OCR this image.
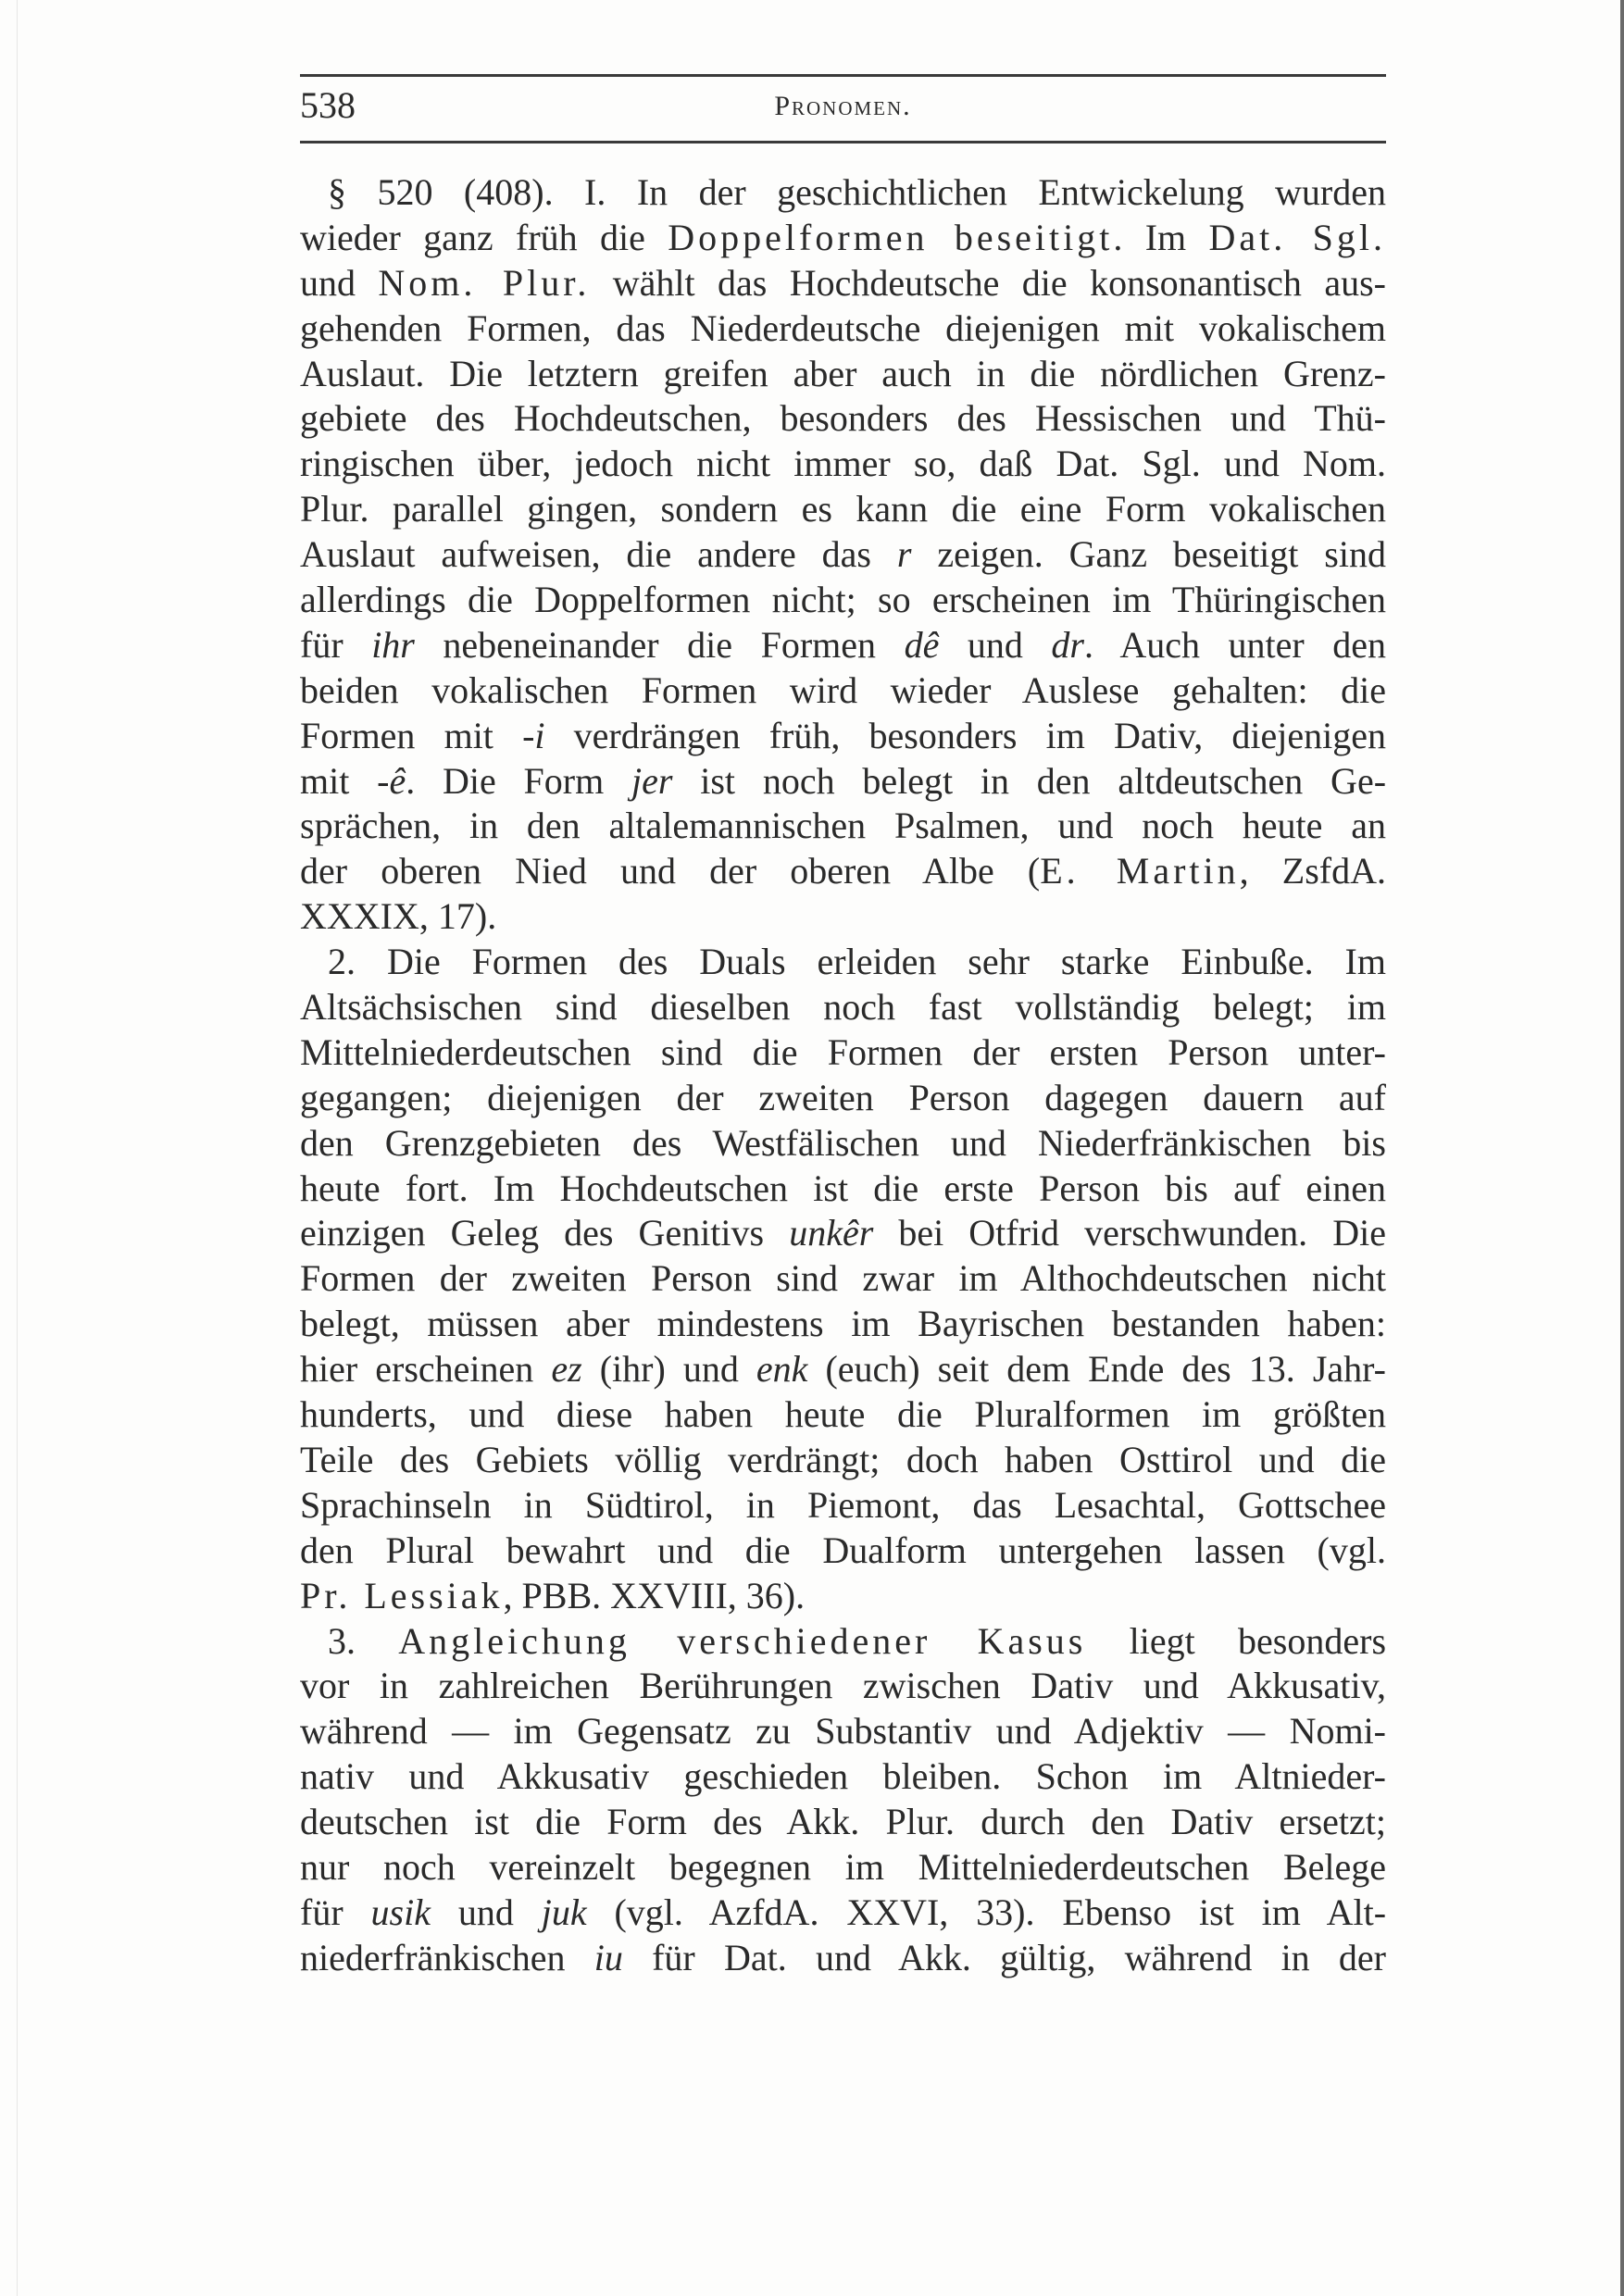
538	Pronomen.
§ 520 (408). I. In der geschichtlichen Entwickelung wurden
wieder ganz früh die Doppelformen beseitigt. Im Dat. Sgl.
und Nom. Plur. wählt das Hochdeutsche die konsonantisch aus-
gehenden Formen, das Niederdeutsche diejenigen mit vokalischem
Auslaut. Die letztern greifen aber auch in die nördlichen Grenz-
gebiete des Hochdeutschen, besonders des Hessischen und Thü-
ringischen über, jedoch nicht immer so, daß Dat. Sgl. und Nom.
Plur. parallel gingen, sondern es kann die eine Form vokalischen
Auslaut aufweisen, die andere das r zeigen. Ganz beseitigt sind
allerdings die Doppelformen nicht; so erscheinen im Thüringischen
für ihr nebeneinander die Formen dê und dr. Auch unter den
beiden vokalischen Formen wird wieder Auslese gehalten: die
Formen mit -i verdrängen früh, besonders im Dativ, diejenigen
mit -ê. Die Form jer ist noch belegt in den altdeutschen Ge-
sprächen, in den altalemannischen Psalmen, und noch heute an
der oberen Nied und der oberen Albe (E. Martin, ZsfdA.
XXXIX, 17).
2. Die Formen des Duals erleiden sehr starke Einbuße. Im
Altsächsischen sind dieselben noch fast vollständig belegt; im
Mittelniederdeutschen sind die Formen der ersten Person unter-
gegangen; diejenigen der zweiten Person dagegen dauern auf
den Grenzgebieten des Westfälischen und Niederfränkischen bis
heute fort. Im Hochdeutschen ist die erste Person bis auf einen
einzigen Geleg des Genitivs unkêr bei Otfrid verschwunden. Die
Formen der zweiten Person sind zwar im Althochdeutschen nicht
belegt, müssen aber mindestens im Bayrischen bestanden haben:
hier erscheinen ez (ihr) und enk (euch) seit dem Ende des 13. Jahr-
hunderts, und diese haben heute die Pluralformen im größten
Teile des Gebiets völlig verdrängt; doch haben Osttirol und die
Sprachinseln in Südtirol, in Piemont, das Lesachtal, Gottschee
den Plural bewahrt und die Dualform untergehen lassen (vgl.
Pr. Lessiak, PBB. XXVIII, 36).
3. Angleichung verschiedener Kasus liegt besonders
vor in zahlreichen Berührungen zwischen Dativ und Akkusativ,
während — im Gegensatz zu Substantiv und Adjektiv — Nomi-
nativ und Akkusativ geschieden bleiben. Schon im Altnieder-
deutschen ist die Form des Akk. Plur. durch den Dativ ersetzt;
nur noch vereinzelt begegnen im Mittelniederdeutschen Belege
für usik und juk (vgl. AzfdA. XXVI, 33). Ebenso ist im Alt-
niederfränkischen iu für Dat. und Akk. gültig, während in der
